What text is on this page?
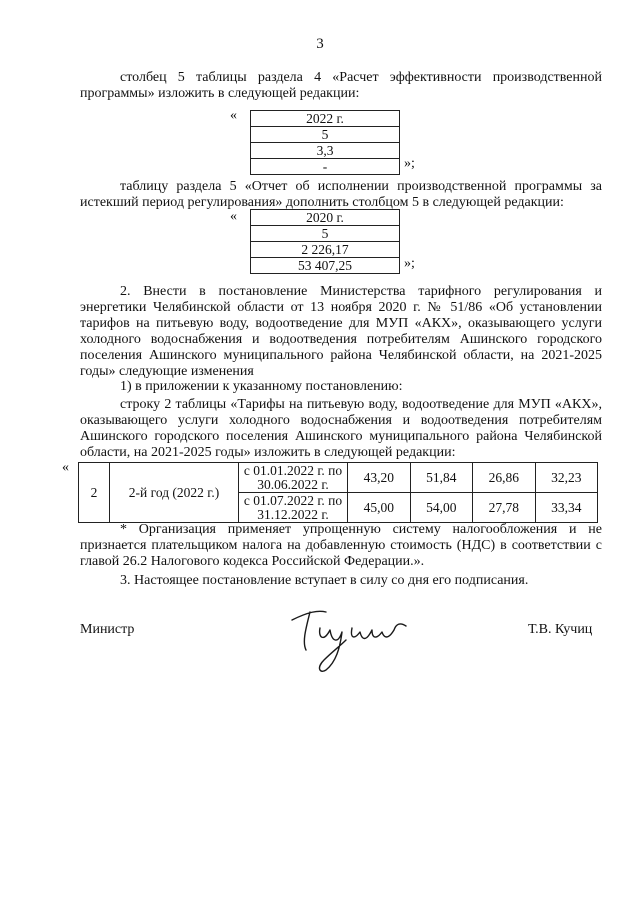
3
столбец 5 таблицы раздела 4 «Расчет эффективности производственной программы» изложить в следующей редакции:
«	2022 г.
5
3,3
-	»;
таблицу раздела 5 «Отчет об исполнении производственной программы за истекший период регулирования» дополнить столбцом 5 в следующей редакции:
«	2020 г.
5
2 226,17
53 407,25	»;
2. Внести в постановление Министерства тарифного регулирования и энергетики Челябинской области от 13 ноября 2020 г. № 51/86 «Об установлении тарифов на питьевую воду, водоотведение для МУП «АКХ», оказывающего услуги холодного водоснабжения и водоотведения потребителям Ашинского городского поселения Ашинского муниципального района Челябинской области, на 2021-2025 годы» следующие изменения
1) в приложении к указанному постановлению:
строку 2 таблицы «Тарифы на питьевую воду, водоотведение для МУП «АКХ», оказывающего услуги холодного водоснабжения и водоотведения потребителям Ашинского городского поселения Ашинского муниципального района Челябинской области, на 2021-2025 годы» изложить в следующей редакции:
«
2	2-й год (2022 г.)	с 01.01.2022 г. по 30.06.2022 г.	43,20	51,84	26,86	32,23
		с 01.07.2022 г. по 31.12.2022 г.	45,00	54,00	27,78	33,34
* Организация применяет упрощенную систему налогообложения и не признается плательщиком налога на добавленную стоимость (НДС) в соответствии с главой 26.2 Налогового кодекса Российской Федерации.».
3. Настоящее постановление вступает в силу со дня его подписания.
Министр	Т.В. Кучиц
